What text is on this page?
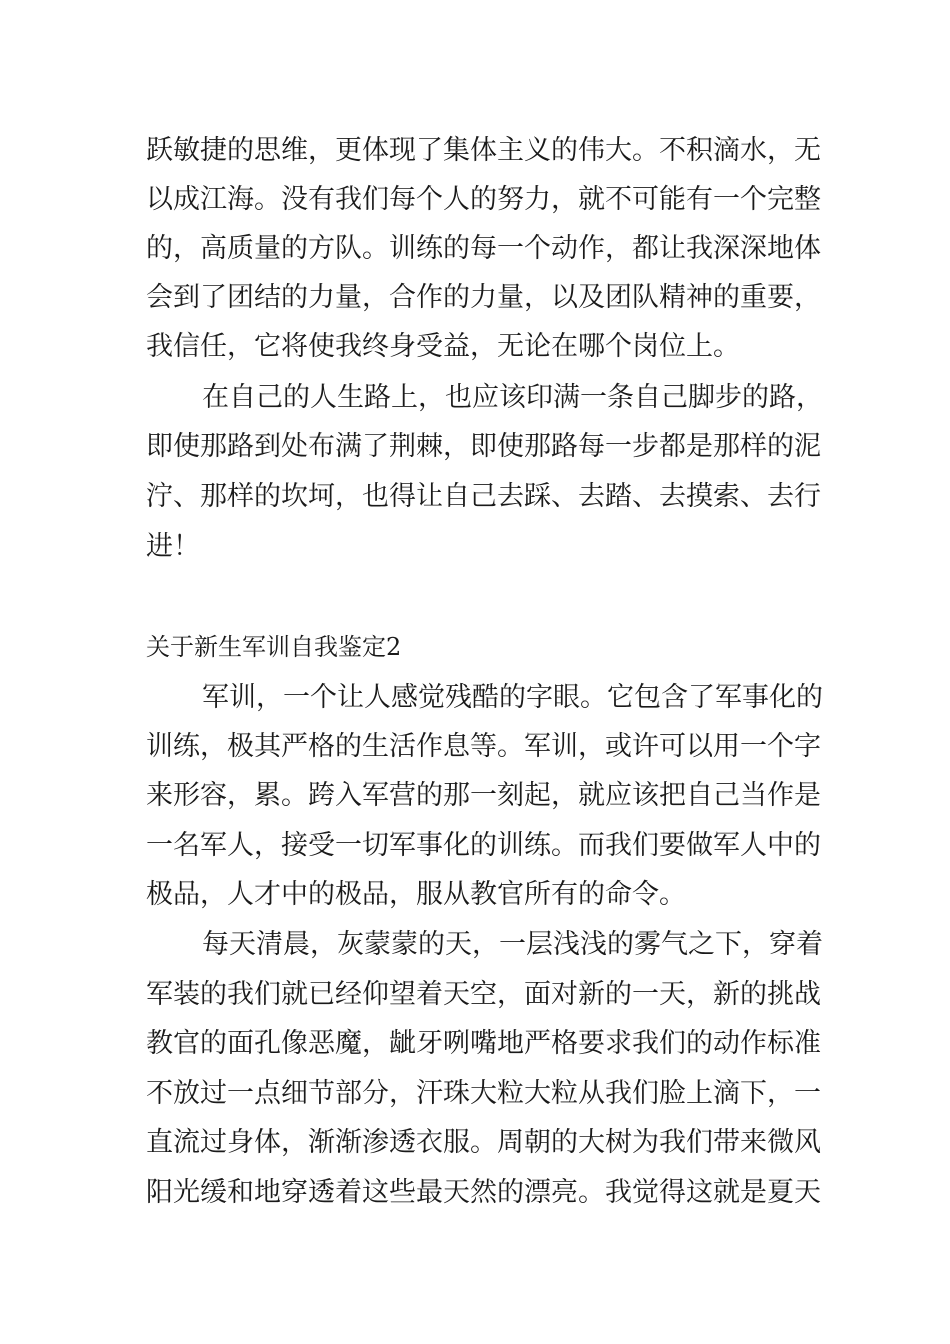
跃敏捷的思维，更体现了集体主义的伟大。不积滴水，无
以成江海。没有我们每个人的努力，就不可能有一个完整
的，高质量的方队。训练的每一个动作，都让我深深地体
会到了团结的力量，合作的力量，以及团队精神的重要，
我信任，它将使我终身受益，无论在哪个岗位上。
在自己的人生路上，也应该印满一条自己脚步的路，
即使那路到处布满了荆棘，即使那路每一步都是那样的泥
泞、那样的坎坷，也得让自己去踩、去踏、去摸索、去行
进！
关于新生军训自我鉴定2
军训，一个让人感觉残酷的字眼。它包含了军事化的
训练，极其严格的生活作息等。军训，或许可以用一个字
来形容，累。跨入军营的那一刻起，就应该把自己当作是
一名军人，接受一切军事化的训练。而我们要做军人中的
极品，人才中的极品，服从教官所有的命令。
每天清晨，灰蒙蒙的天，一层浅浅的雾气之下，穿着
军装的我们就已经仰望着天空，面对新的一天，新的挑战
教官的面孔像恶魔，龇牙咧嘴地严格要求我们的动作标准
不放过一点细节部分，汗珠大粒大粒从我们脸上滴下，一
直流过身体，渐渐渗透衣服。周朝的大树为我们带来微风
阳光缓和地穿透着这些最天然的漂亮。我觉得这就是夏天
